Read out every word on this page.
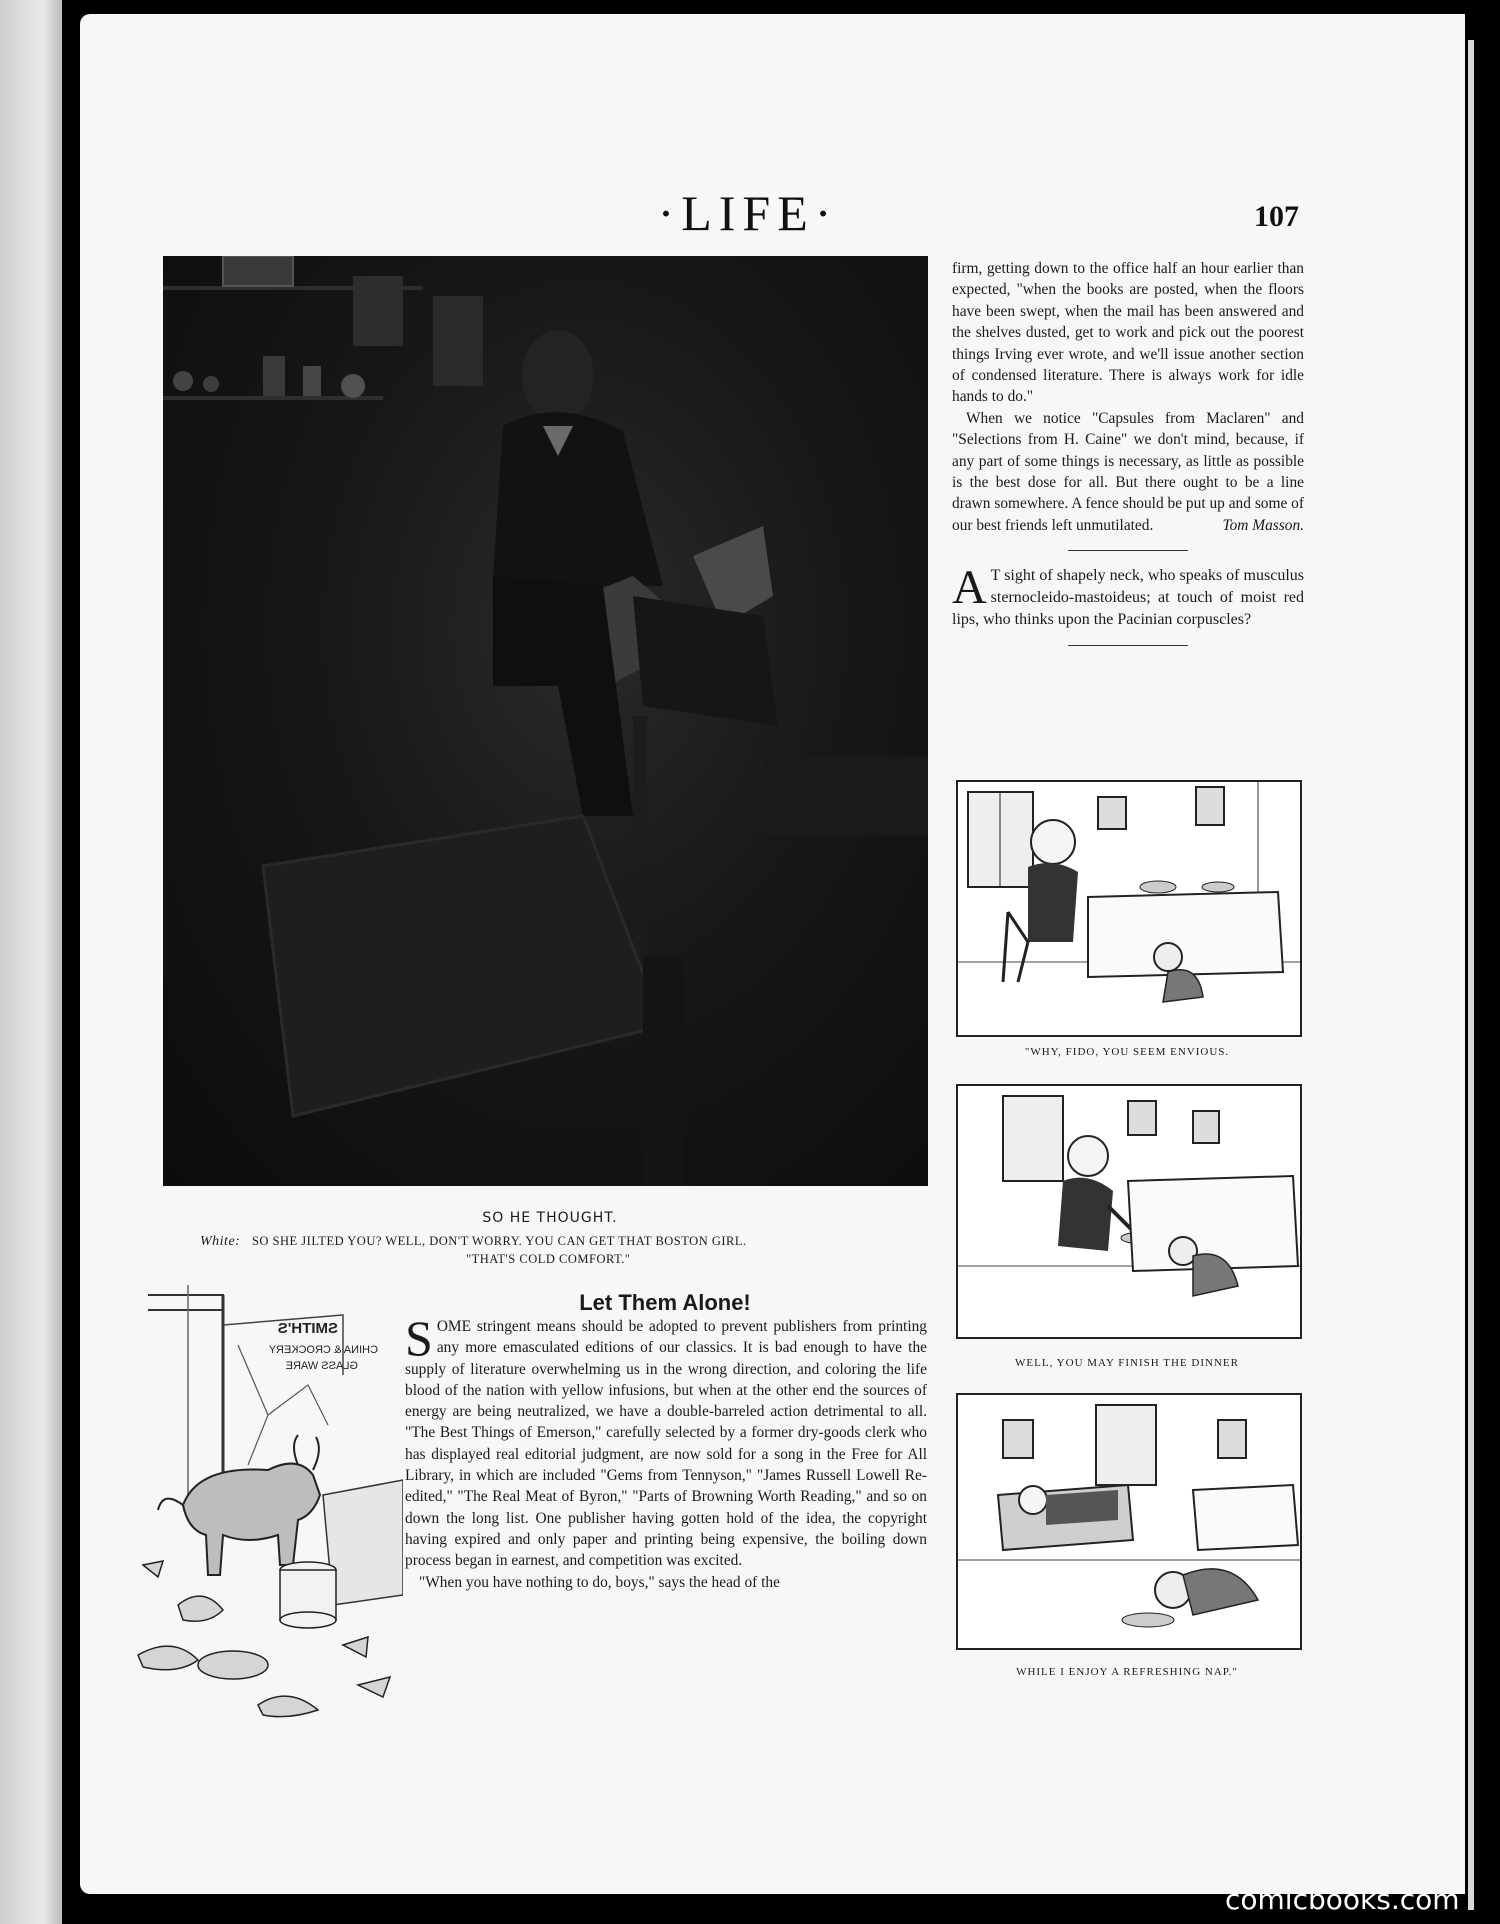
·LIFE·	107
SO HE THOUGHT.
White: SO SHE JILTED YOU? WELL, DON'T WORRY. YOU CAN GET THAT BOSTON GIRL.
"THAT'S COLD COMFORT."
SMITH'S
CHINA & CROCKERY
GLASS WARE
Let Them Alone!

SOME stringent means should be adopted to prevent publishers from printing any more emasculated editions of our classics. It is bad enough to have the supply of literature overwhelming us in the wrong direction, and coloring the life blood of the nation with yellow infusions, but when at the other end the sources of energy are being neutralized, we have a double-barreled action detrimental to all. "The Best Things of Emerson," carefully selected by a former dry-goods clerk who has displayed real editorial judgment, are now sold for a song in the Free for All Library, in which are included "Gems from Tennyson," "James Russell Lowell Re-edited," "The Real Meat of Byron," "Parts of Browning Worth Reading," and so on down the long list. One publisher having gotten hold of the idea, the copyright having expired and only paper and printing being expensive, the boiling down process began in earnest, and competition was excited.

"When you have nothing to do, boys," says the head of the

firm, getting down to the office half an hour earlier than expected, "when the books are posted, when the floors have been swept, when the mail has been answered and the shelves dusted, get to work and pick out the poorest things Irving ever wrote, and we'll issue another section of condensed literature. There is always work for idle hands to do."

When we notice "Capsules from Maclaren" and "Selections from H. Caine" we don't mind, because, if any part of some things is necessary, as little as possible is the best dose for all. But there ought to be a line drawn somewhere. A fence should be put up and some of our best friends left unmutilated.	Tom Masson.

A T sight of shapely neck, who speaks of musculus sternocleido-mastoideus; at touch of moist red lips, who thinks upon the Pacinian corpuscles?

"WHY, FIDO, YOU SEEM ENVIOUS.
WELL, YOU MAY FINISH THE DINNER
WHILE I ENJOY A REFRESHING NAP."
comicbooks.com
